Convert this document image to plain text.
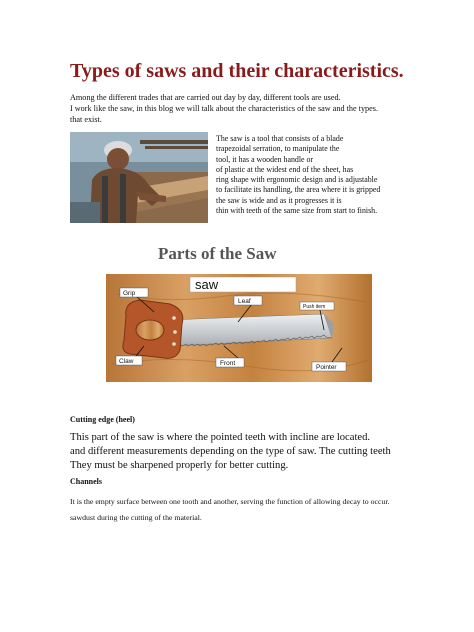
Types of saws and their characteristics.
Among the different trades that are carried out day by day, different tools are used.
I work like the saw, in this blog we will talk about the characteristics of the saw and the types.
that exist.
The saw is a tool that consists of a blade
trapezoidal serration, to manipulate the
tool, it has a wooden handle or
of plastic at the widest end of the sheet, has
ring shape with ergonomic design and is adjustable
to facilitate its handling, the area where it is gripped
the saw is wide and as it progresses it is
thin with teeth of the same size from start to finish.
Parts of the Saw
saw
Grip
Leaf
Push item
Claw	Front
Pointer
Cutting edge (heel)
This part of the saw is where the pointed teeth with incline are located.
and different measurements depending on the type of saw. The cutting teeth
They must be sharpened properly for better cutting.
Channels
It is the empty surface between one tooth and another, serving the function of allowing decay to occur.
sawdust during the cutting of the material.
